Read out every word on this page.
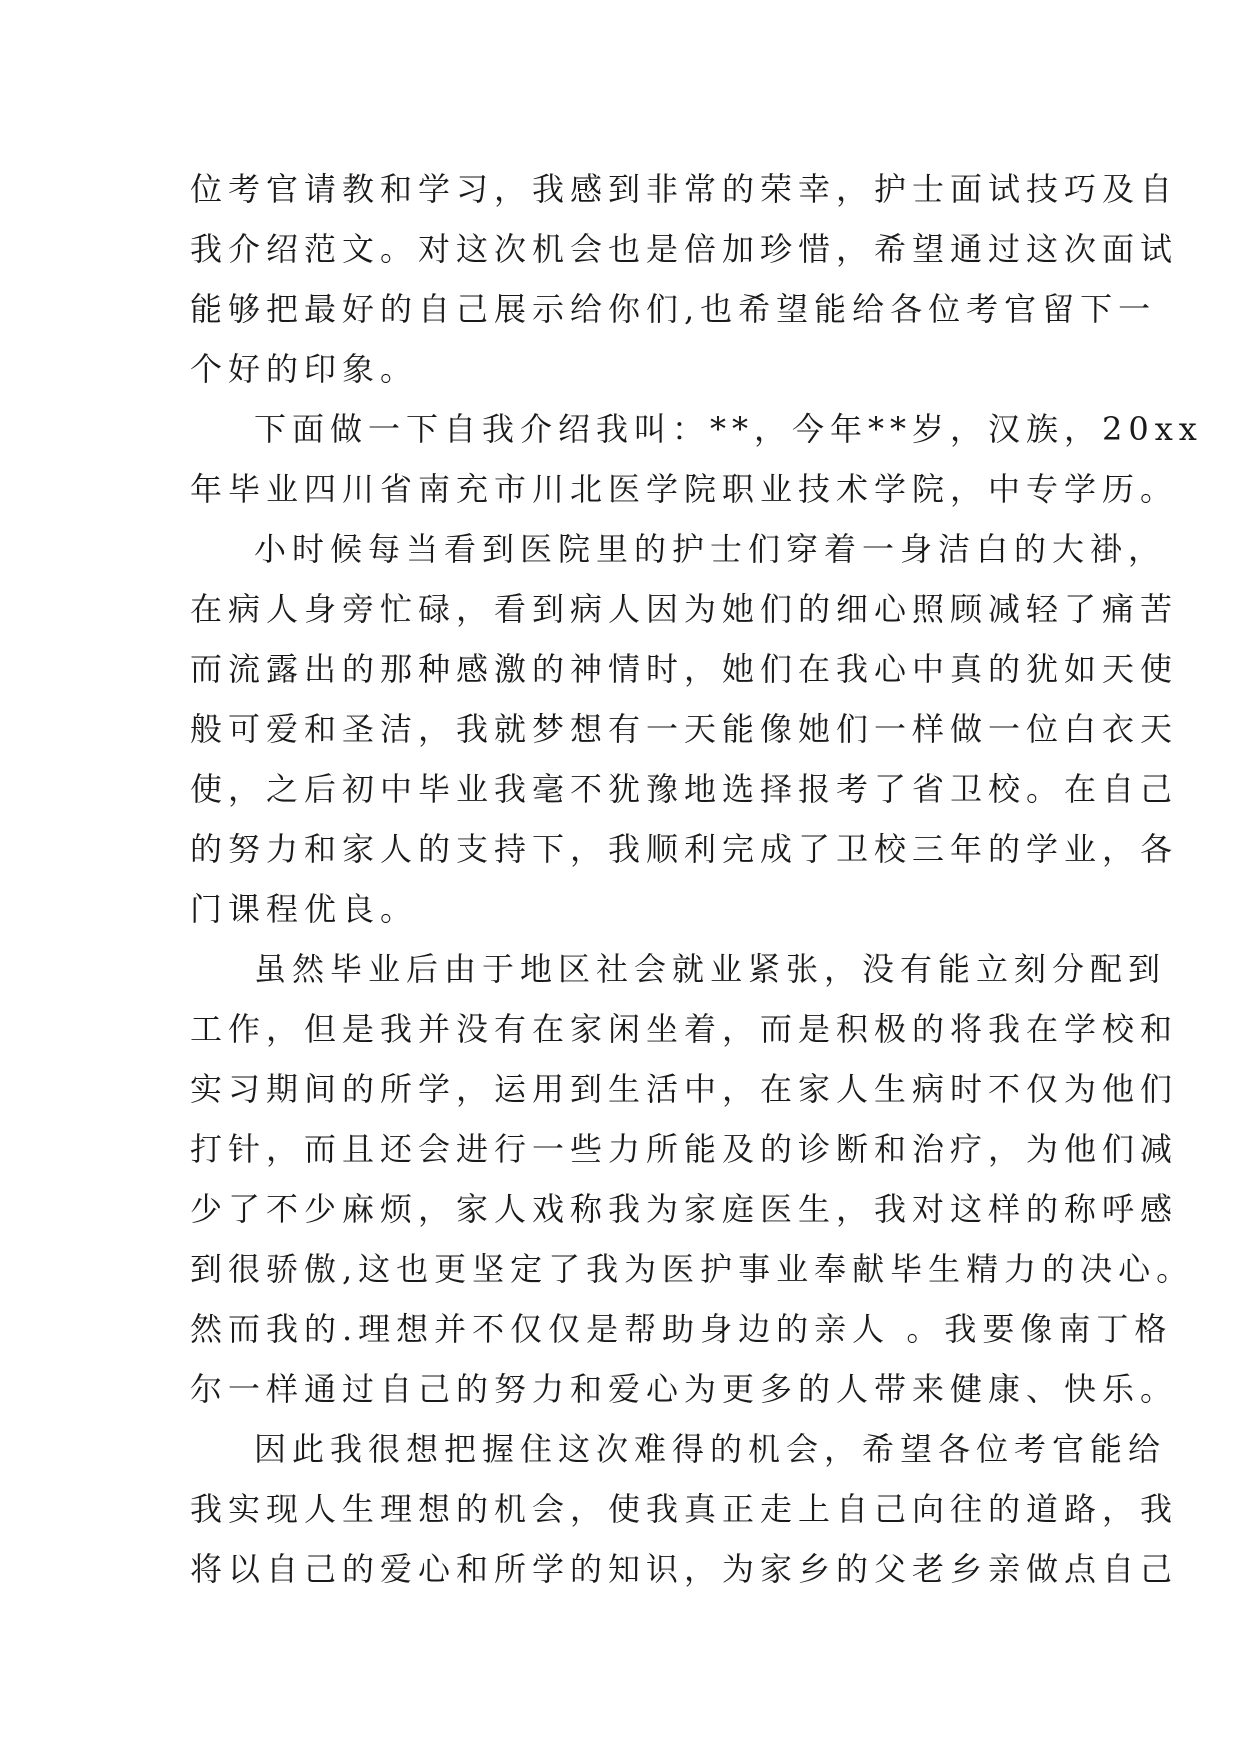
位考官请教和学习，我感到非常的荣幸，护士面试技巧及自
我介绍范文。对这次机会也是倍加珍惜，希望通过这次面试
能够把最好的自己展示给你们,也希望能给各位考官留下一
个好的印象。
下面做一下自我介绍我叫：**，今年**岁，汉族，20xx
年毕业四川省南充市川北医学院职业技术学院，中专学历。
小时候每当看到医院里的护士们穿着一身洁白的大褂，
在病人身旁忙碌，看到病人因为她们的细心照顾减轻了痛苦
而流露出的那种感激的神情时，她们在我心中真的犹如天使
般可爱和圣洁，我就梦想有一天能像她们一样做一位白衣天
使，之后初中毕业我毫不犹豫地选择报考了省卫校。在自己
的努力和家人的支持下，我顺利完成了卫校三年的学业，各
门课程优良。
虽然毕业后由于地区社会就业紧张，没有能立刻分配到
工作，但是我并没有在家闲坐着，而是积极的将我在学校和
实习期间的所学，运用到生活中，在家人生病时不仅为他们
打针，而且还会进行一些力所能及的诊断和治疗，为他们减
少了不少麻烦，家人戏称我为家庭医生，我对这样的称呼感
到很骄傲,这也更坚定了我为医护事业奉献毕生精力的决心。
然而我的.理想并不仅仅是帮助身边的亲人 。我要像南丁格
尔一样通过自己的努力和爱心为更多的人带来健康、快乐。
因此我很想把握住这次难得的机会，希望各位考官能给
我实现人生理想的机会，使我真正走上自己向往的道路，我
将以自己的爱心和所学的知识，为家乡的父老乡亲做点自己
